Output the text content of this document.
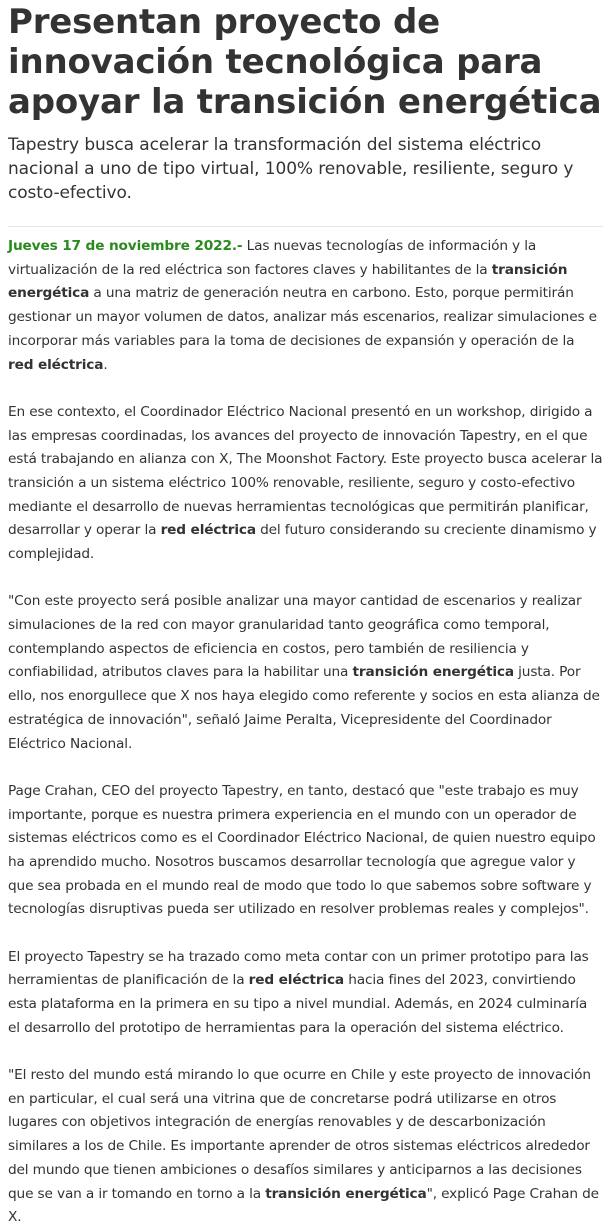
Presentan proyecto de innovación tecnológica para apoyar la transición energética

Tapestry busca acelerar la transformación del sistema eléctrico nacional a uno de tipo virtual, 100% renovable, resiliente, seguro y costo-efectivo.

Jueves 17 de noviembre 2022.- Las nuevas tecnologías de información y la virtualización de la red eléctrica son factores claves y habilitantes de la transición energética a una matriz de generación neutra en carbono. Esto, porque permitirán gestionar un mayor volumen de datos, analizar más escenarios, realizar simulaciones e incorporar más variables para la toma de decisiones de expansión y operación de la red eléctrica.

En ese contexto, el Coordinador Eléctrico Nacional presentó en un workshop, dirigido a las empresas coordinadas, los avances del proyecto de innovación Tapestry, en el que está trabajando en alianza con X, The Moonshot Factory. Este proyecto busca acelerar la transición a un sistema eléctrico 100% renovable, resiliente, seguro y costo-efectivo mediante el desarrollo de nuevas herramientas tecnológicas que permitirán planificar, desarrollar y operar la red eléctrica del futuro considerando su creciente dinamismo y complejidad.

"Con este proyecto será posible analizar una mayor cantidad de escenarios y realizar simulaciones de la red con mayor granularidad tanto geográfica como temporal, contemplando aspectos de eficiencia en costos, pero también de resiliencia y confiabilidad, atributos claves para la habilitar una transición energética justa. Por ello, nos enorgullece que X nos haya elegido como referente y socios en esta alianza de estratégica de innovación", señaló Jaime Peralta, Vicepresidente del Coordinador Eléctrico Nacional.

Page Crahan, CEO del proyecto Tapestry, en tanto, destacó que "este trabajo es muy importante, porque es nuestra primera experiencia en el mundo con un operador de sistemas eléctricos como es el Coordinador Eléctrico Nacional, de quien nuestro equipo ha aprendido mucho. Nosotros buscamos desarrollar tecnología que agregue valor y que sea probada en el mundo real de modo que todo lo que sabemos sobre software y tecnologías disruptivas pueda ser utilizado en resolver problemas reales y complejos".

El proyecto Tapestry se ha trazado como meta contar con un primer prototipo para las herramientas de planificación de la red eléctrica hacia fines del 2023, convirtiendo esta plataforma en la primera en su tipo a nivel mundial. Además, en 2024 culminaría el desarrollo del prototipo de herramientas para la operación del sistema eléctrico.

"El resto del mundo está mirando lo que ocurre en Chile y este proyecto de innovación en particular, el cual será una vitrina que de concretarse podrá utilizarse en otros lugares con objetivos integración de energías renovables y de descarbonización similares a los de Chile. Es importante aprender de otros sistemas eléctricos alrededor del mundo que tienen ambiciones o desafíos similares y anticiparnos a las decisiones que se van a ir tomando en torno a la transición energética", explicó Page Crahan de X.
